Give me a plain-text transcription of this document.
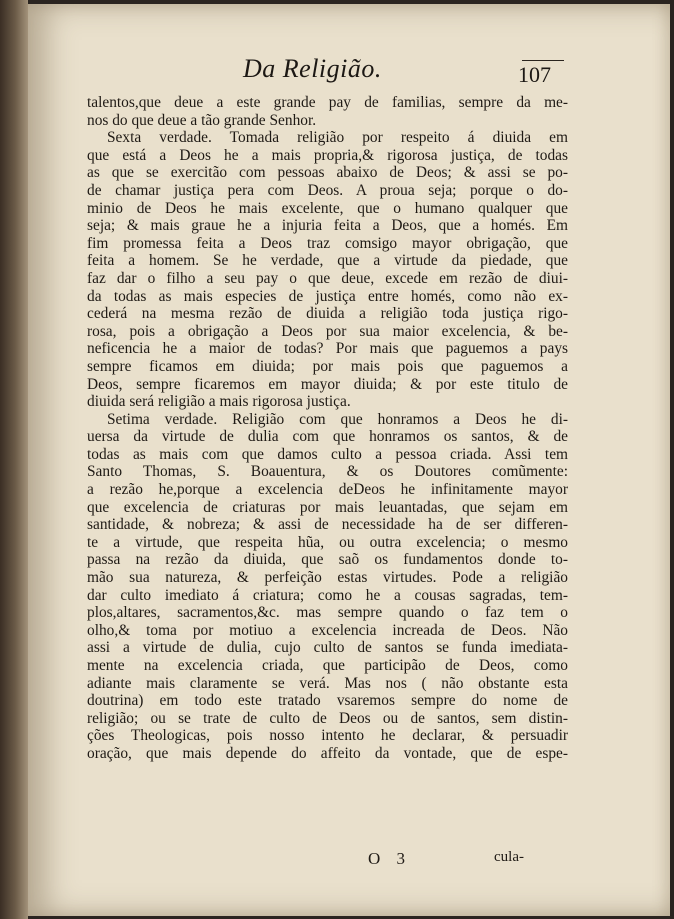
Da Religião.	107
talentos,que deue a este grande pay de familias, sempre da me-
nos do que deue a tão grande Senhor.
Sexta verdade. Tomada religião por respeito á diuida em
que está a Deos he a mais propria,& rigorosa justiça, de todas
as que se exercitão com pessoas abaixo de Deos; & assi se po-
de chamar justiça pera com Deos. A proua seja; porque o do-
minio de Deos he mais excelente, que o humano qualquer que
seja; & mais graue he a injuria feita a Deos, que a homés. Em
fim promessa feita a Deos traz comsigo mayor obrigação, que
feita a homem. Se he verdade, que a virtude da piedade, que
faz dar o filho a seu pay o que deue, excede em rezão de diui-
da todas as mais especies de justiça entre homés, como não ex-
cederá na mesma rezão de diuida a religião toda justiça rigo-
rosa, pois a obrigação a Deos por sua maior excelencia, & be-
neficencia he a maior de todas? Por mais que paguemos a pays
sempre ficamos em diuida; por mais pois que paguemos a
Deos, sempre ficaremos em mayor diuida; & por este titulo de
diuida será religião a mais rigorosa justiça.
Setima verdade. Religião com que honramos a Deos he di-
uersa da virtude de dulia com que honramos os santos, & de
todas as mais com que damos culto a pessoa criada. Assi tem
Santo Thomas, S. Boauentura, & os Doutores comũmente:
a rezão he,porque a excelencia deDeos he infinitamente mayor
que excelencia de criaturas por mais leuantadas, que sejam em
santidade, & nobreza; & assi de necessidade ha de ser differen-
te a virtude, que respeita hũa, ou outra excelencia; o mesmo
passa na rezão da diuida, que saõ os fundamentos donde to-
mão sua natureza, & perfeição estas virtudes. Pode a religião
dar culto imediato á criatura; como he a cousas sagradas, tem-
plos,altares, sacramentos,&c. mas sempre quando o faz tem o
olho,& toma por motiuo a excelencia increada de Deos. Não
assi a virtude de dulia, cujo culto de santos se funda imediata-
mente na excelencia criada, que participão de Deos, como
adiante mais claramente se verá. Mas nos ( não obstante esta
doutrina) em todo este tratado vsaremos sempre do nome de
religião; ou se trate de culto de Deos ou de santos, sem distin-
ções Theologicas, pois nosso intento he declarar, & persuadir
oração, que mais depende do affeito da vontade, que de espe-
O 3	cula-
